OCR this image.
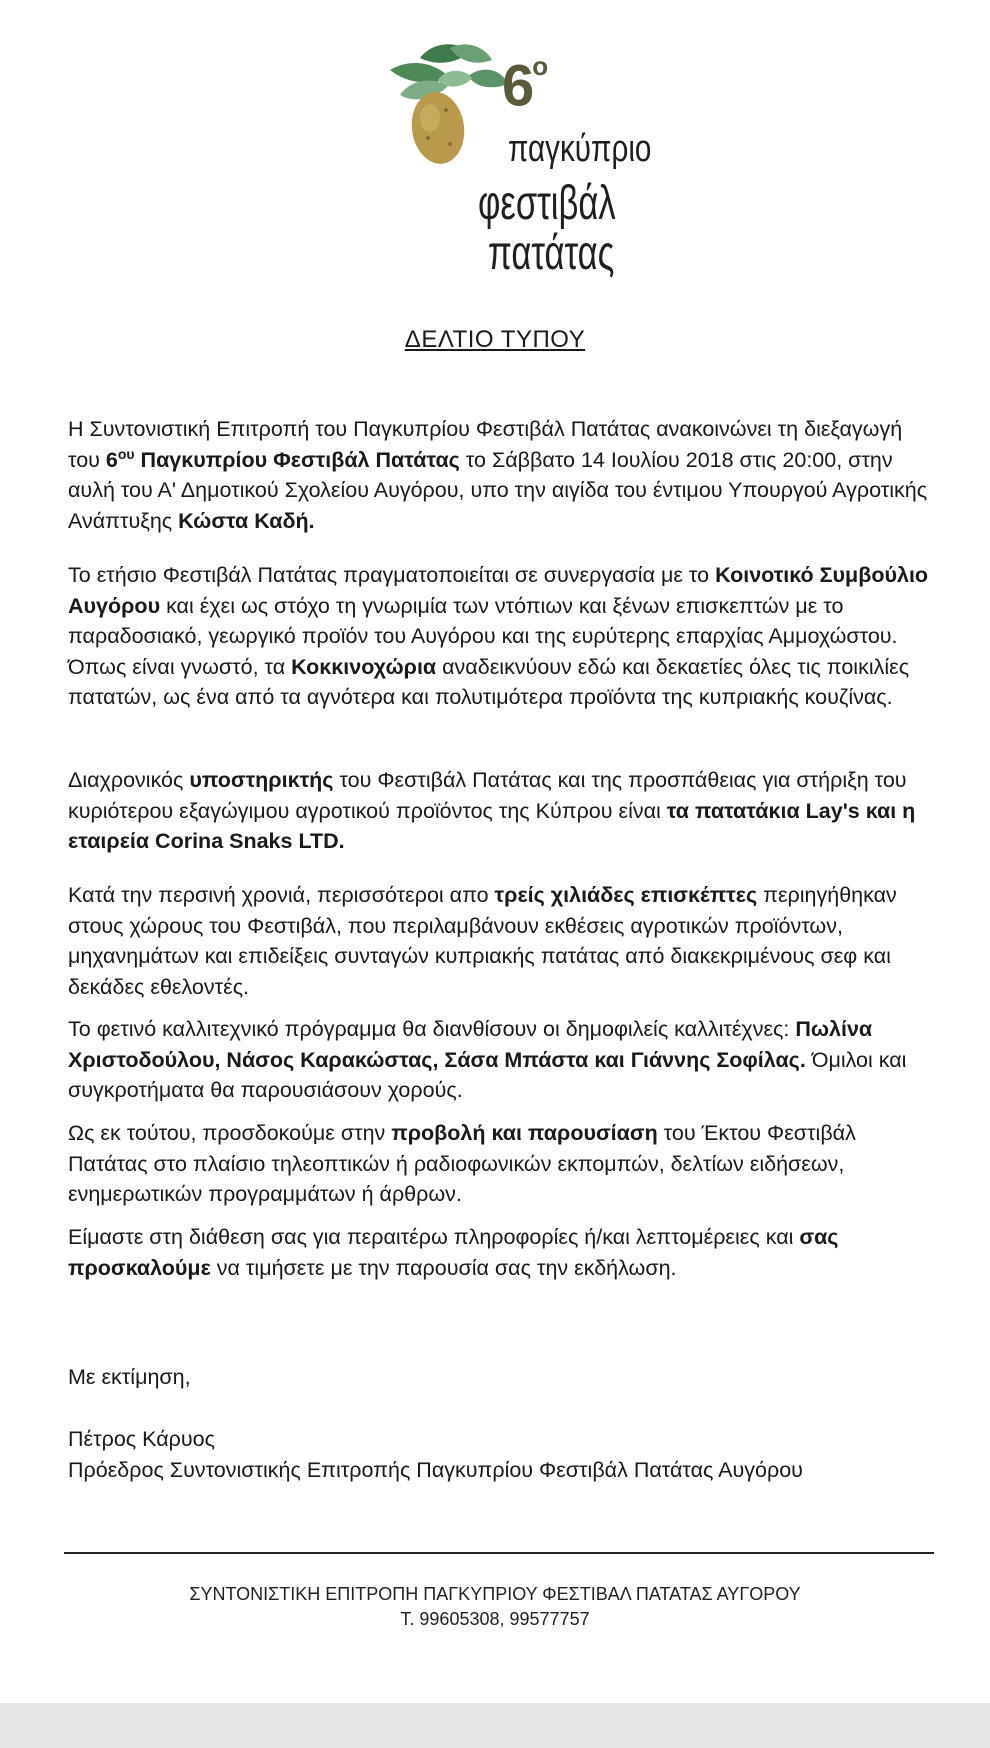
$6^o$
παγκύπριο
φεστιβάλ
πατάτας
ΔΕΛΤΙΟ ΤΥΠΟΥ
Η Συντονιστική Επιτροπή του Παγκυπρίου Φεστιβάλ Πατάτας ανακοινώνει τη διεξαγωγή του $6^{o\upsilon}$ Παγκυπρίου Φεστιβάλ Πατάτας το Σάββατο 14 Ιουλίου 2018 στις 20:00, στην αυλή του Α' Δημοτικού Σχολείου Αυγόρου, υπο την αιγίδα του έντιμου Υπουργού Αγροτικής Ανάπτυξης Κώστα Καδή.
Το ετήσιο Φεστιβάλ Πατάτας πραγματοποιείται σε συνεργασία με το Κοινοτικό Συμβούλιο Αυγόρου και έχει ως στόχο τη γνωριμία των ντόπιων και ξένων επισκεπτών με το παραδοσιακό, γεωργικό προϊόν του Αυγόρου και της ευρύτερης επαρχίας Αμμοχώστου. Όπως είναι γνωστό, τα Κοκκινοχώρια αναδεικνύουν εδώ και δεκαετίες όλες τις ποικιλίες πατατών, ως ένα από τα αγνότερα και πολυτιμότερα προϊόντα της κυπριακής κουζίνας.
Διαχρονικός υποστηρικτής του Φεστιβάλ Πατάτας και της προσπάθειας για στήριξη του κυριότερου εξαγώγιμου αγροτικού προϊόντος της Κύπρου είναι τα πατατάκια Lay's και η εταιρεία Corina Snaks LTD.
Κατά την περσινή χρονιά, περισσότεροι απο τρείς χιλιάδες επισκέπτες περιηγήθηκαν στους χώρους του Φεστιβάλ, που περιλαμβάνουν εκθέσεις αγροτικών προϊόντων, μηχανημάτων και επιδείξεις συνταγών κυπριακής πατάτας από διακεκριμένους σεφ και δεκάδες εθελοντές.
Το φετινό καλλιτεχνικό πρόγραμμα θα διανθίσουν οι δημοφιλείς καλλιτέχνες: Πωλίνα Χριστοδούλου, Νάσος Καρακώστας, Σάσα Μπάστα και Γιάννης Σοφίλας. Όμιλοι και συγκροτήματα θα παρουσιάσουν χορούς.
Ως εκ τούτου, προσδοκούμε στην προβολή και παρουσίαση του Έκτου Φεστιβάλ Πατάτας στο πλαίσιο τηλεοπτικών ή ραδιοφωνικών εκπομπών, δελτίων ειδήσεων, ενημερωτικών προγραμμάτων ή άρθρων.
Είμαστε στη διάθεση σας για περαιτέρω πληροφορίες ή/και λεπτομέρειες και σας προσκαλούμε να τιμήσετε με την παρουσία σας την εκδήλωση.
Με εκτίμηση,
Πέτρος Κάρυος
Πρόεδρος Συντονιστικής Επιτροπής Παγκυπρίου Φεστιβάλ Πατάτας Αυγόρου
ΣΥΝΤΟΝΙΣΤΙΚΗ ΕΠΙΤΡΟΠΗ ΠΑΓΚΥΠΡΙΟΥ ΦΕΣΤΙΒΑΛ ΠΑΤΑΤΑΣ ΑΥΓΟΡΟΥ
Τ. 99605308, 99577757
